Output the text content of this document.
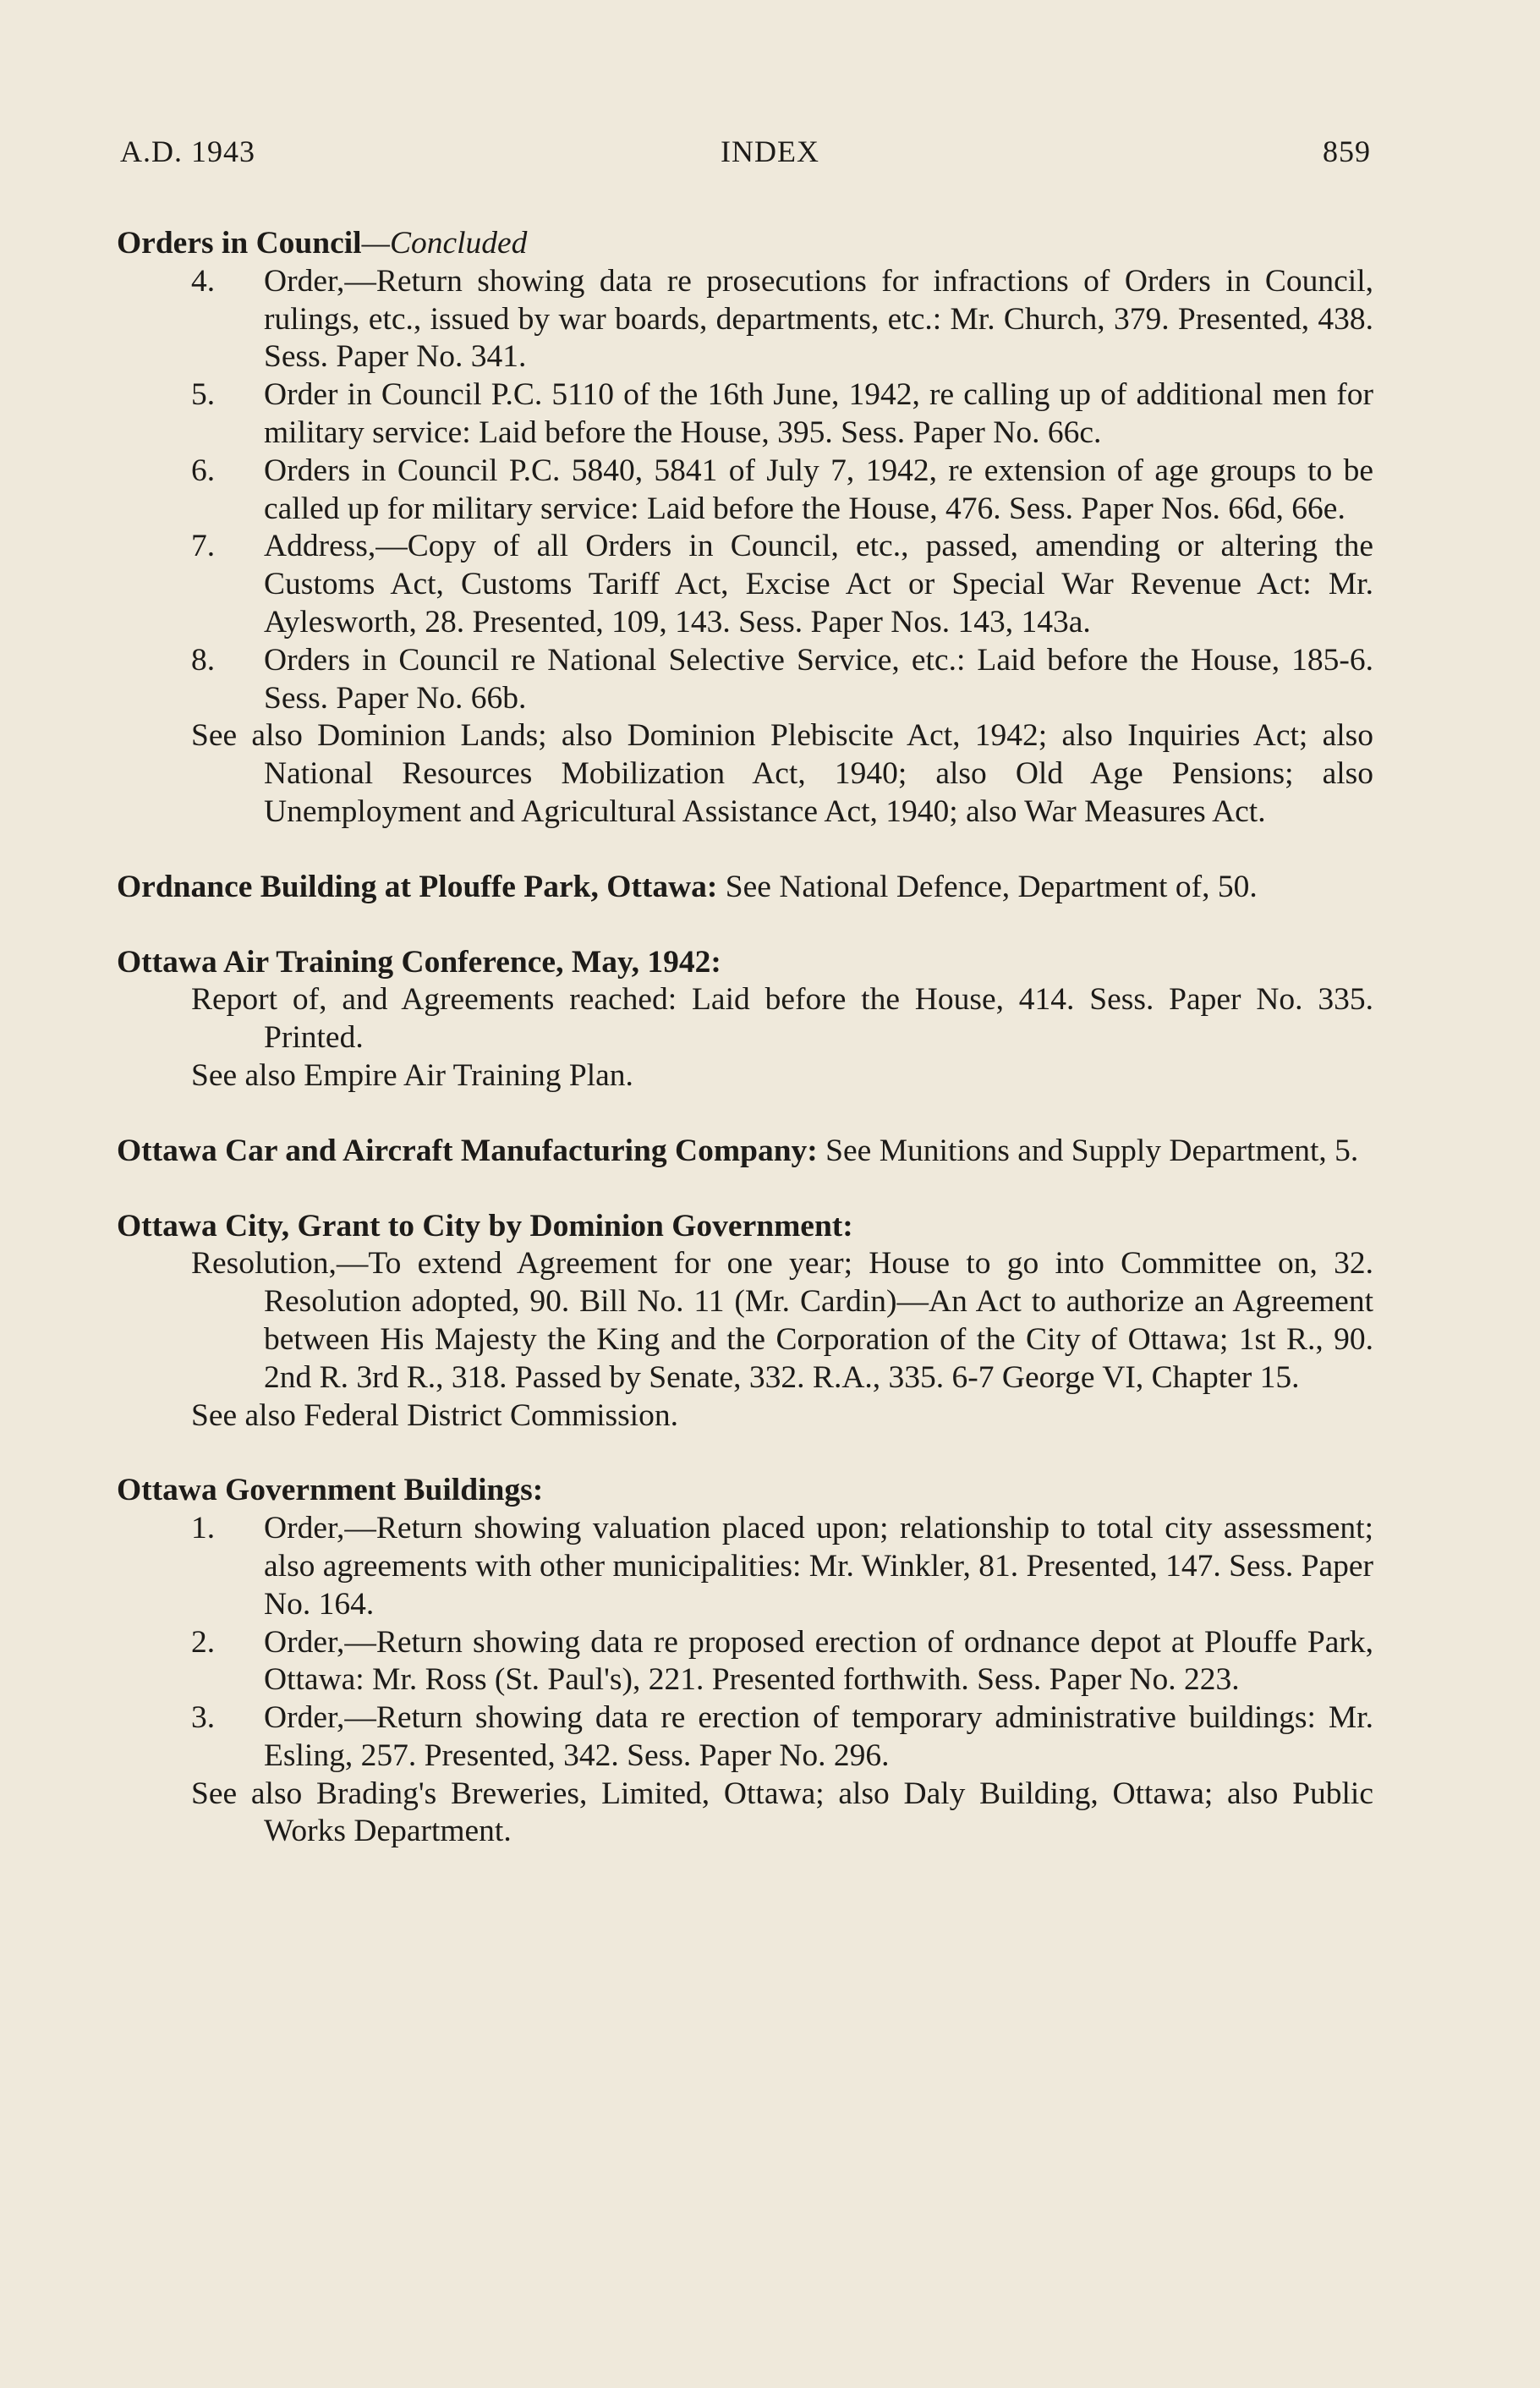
A.D. 1943	INDEX	859

Orders in Council—Concluded

4. Order,—Return showing data re prosecutions for infractions of Orders in Council, rulings, etc., issued by war boards, departments, etc.: Mr. Church, 379. Presented, 438. Sess. Paper No. 341.

5. Order in Council P.C. 5110 of the 16th June, 1942, re calling up of additional men for military service: Laid before the House, 395. Sess. Paper No. 66c.

6. Orders in Council P.C. 5840, 5841 of July 7, 1942, re extension of age groups to be called up for military service: Laid before the House, 476. Sess. Paper Nos. 66d, 66e.

7. Address,—Copy of all Orders in Council, etc., passed, amending or altering the Customs Act, Customs Tariff Act, Excise Act or Special War Revenue Act: Mr. Aylesworth, 28. Presented, 109, 143. Sess. Paper Nos. 143, 143a.

8. Orders in Council re National Selective Service, etc.: Laid before the House, 185-6. Sess. Paper No. 66b.

See also Dominion Lands; also Dominion Plebiscite Act, 1942; also Inquiries Act; also National Resources Mobilization Act, 1940; also Old Age Pensions; also Unemployment and Agricultural Assistance Act, 1940; also War Measures Act.

Ordnance Building at Plouffe Park, Ottawa: See National Defence, Department of, 50.

Ottawa Air Training Conference, May, 1942:

Report of, and Agreements reached: Laid before the House, 414. Sess. Paper No. 335. Printed.

See also Empire Air Training Plan.

Ottawa Car and Aircraft Manufacturing Company: See Munitions and Supply Department, 5.

Ottawa City, Grant to City by Dominion Government:

Resolution,—To extend Agreement for one year; House to go into Committee on, 32. Resolution adopted, 90. Bill No. 11 (Mr. Cardin)—An Act to authorize an Agreement between His Majesty the King and the Corporation of the City of Ottawa; 1st R., 90. 2nd R. 3rd R., 318. Passed by Senate, 332. R.A., 335. 6-7 George VI, Chapter 15.

See also Federal District Commission.

Ottawa Government Buildings:

1. Order,—Return showing valuation placed upon; relationship to total city assessment; also agreements with other municipalities: Mr. Winkler, 81. Presented, 147. Sess. Paper No. 164.

2. Order,—Return showing data re proposed erection of ordnance depot at Plouffe Park, Ottawa: Mr. Ross (St. Paul's), 221. Presented forthwith. Sess. Paper No. 223.

3. Order,—Return showing data re erection of temporary administrative buildings: Mr. Esling, 257. Presented, 342. Sess. Paper No. 296.

See also Brading's Breweries, Limited, Ottawa; also Daly Building, Ottawa; also Public Works Department.
